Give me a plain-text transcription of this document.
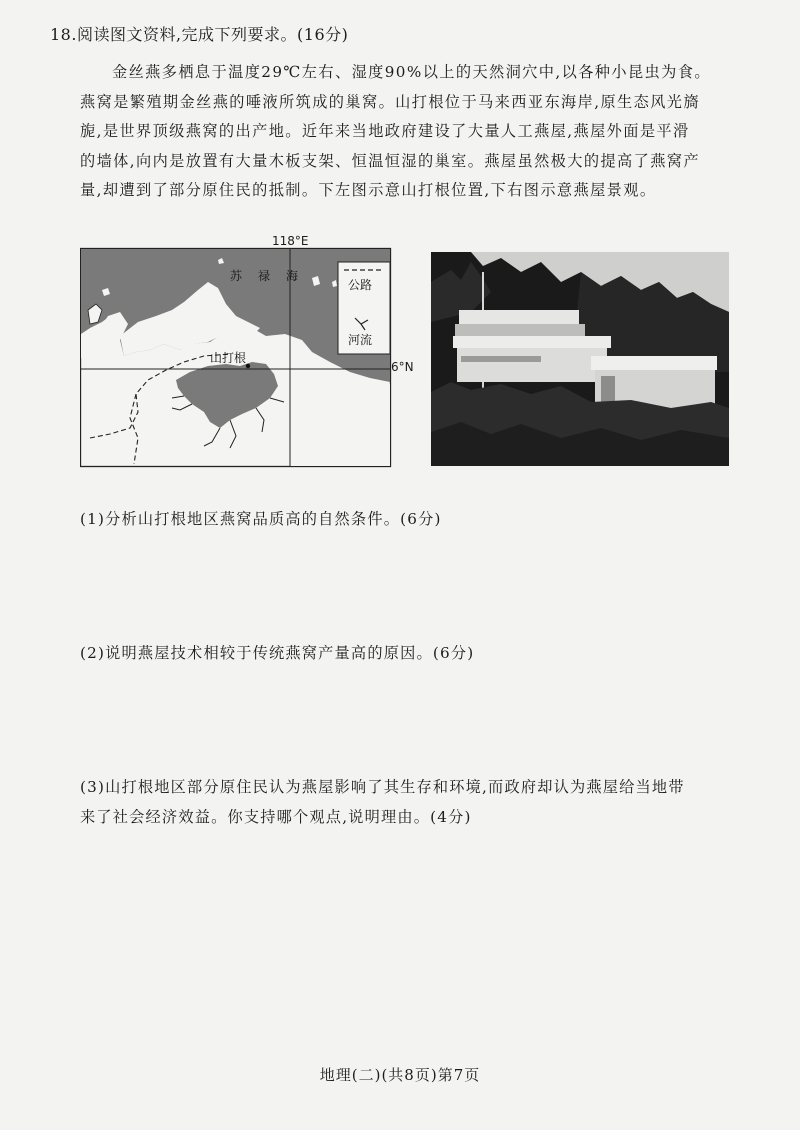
18.阅读图文资料,完成下列要求。(16分)
金丝燕多栖息于温度29℃左右、湿度90%以上的天然洞穴中,以各种小昆虫为食。
燕窝是繁殖期金丝燕的唾液所筑成的巢窝。山打根位于马来西亚东海岸,原生态风光旖
旎,是世界顶级燕窝的出产地。近年来当地政府建设了大量人工燕屋,燕屋外面是平滑
的墙体,向内是放置有大量木板支架、恒温恒湿的巢室。燕屋虽然极大的提高了燕窝产
量,却遭到了部分原住民的抵制。下左图示意山打根位置,下右图示意燕屋景观。
118°E
公路
河流
苏禄海
山打根
6°N
(1)分析山打根地区燕窝品质高的自然条件。(6分)
(2)说明燕屋技术相较于传统燕窝产量高的原因。(6分)
(3)山打根地区部分原住民认为燕屋影响了其生存和环境,而政府却认为燕屋给当地带
来了社会经济效益。你支持哪个观点,说明理由。(4分)
地理(二)(共8页)第7页
